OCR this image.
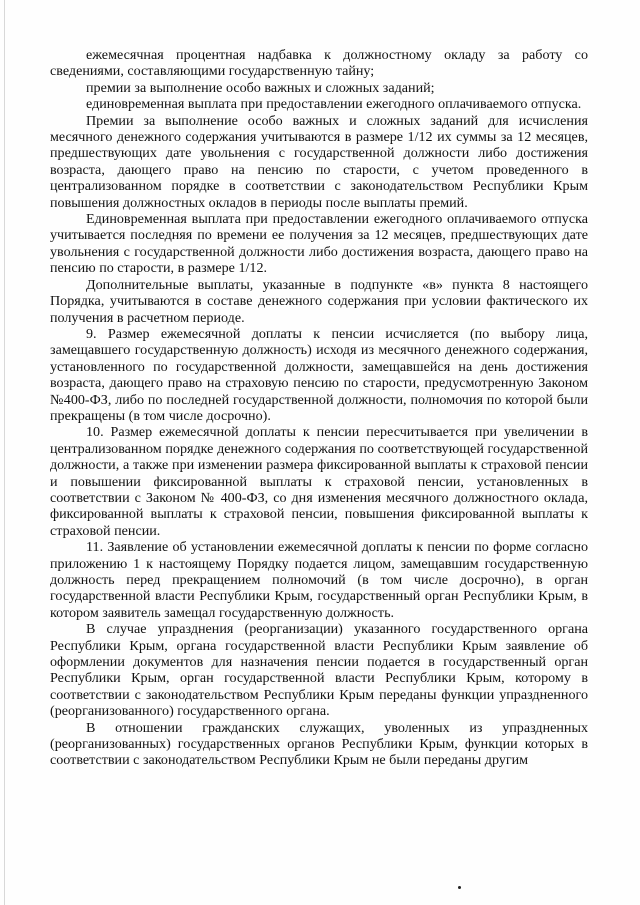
ежемесячная процентная надбавка к должностному окладу за работу со сведениями, составляющими государственную тайну;

премии за выполнение особо важных и сложных заданий;

единовременная выплата при предоставлении ежегодного оплачиваемого отпуска.

Премии за выполнение особо важных и сложных заданий для исчисления месячного денежного содержания учитываются в размере 1/12 их суммы за 12 месяцев, предшествующих дате увольнения с государственной должности либо достижения возраста, дающего право на пенсию по старости, с учетом проведенного в централизованном порядке в соответствии с законодательством Республики Крым повышения должностных окладов в периоды после выплаты премий.

Единовременная выплата при предоставлении ежегодного оплачиваемого отпуска учитывается последняя по времени ее получения за 12 месяцев, предшествующих дате увольнения с государственной должности либо достижения возраста, дающего право на пенсию по старости, в размере 1/12.

Дополнительные выплаты, указанные в подпункте «в» пункта 8 настоящего Порядка, учитываются в составе денежного содержания при условии фактического их получения в расчетном периоде.

9. Размер ежемесячной доплаты к пенсии исчисляется (по выбору лица, замещавшего государственную должность) исходя из месячного денежного содержания, установленного по государственной должности, замещавшейся на день достижения возраста, дающего право на страховую пенсию по старости, предусмотренную Законом №400-ФЗ, либо по последней государственной должности, полномочия по которой были прекращены (в том числе досрочно).

10. Размер ежемесячной доплаты к пенсии пересчитывается при увеличении в централизованном порядке денежного содержания по соответствующей государственной должности, а также при изменении размера фиксированной выплаты к страховой пенсии и повышении фиксированной выплаты к страховой пенсии, установленных в соответствии с Законом № 400-ФЗ, со дня изменения месячного должностного оклада, фиксированной выплаты к страховой пенсии, повышения фиксированной выплаты к страховой пенсии.

11. Заявление об установлении ежемесячной доплаты к пенсии по форме согласно приложению 1 к настоящему Порядку подается лицом, замещавшим государственную должность перед прекращением полномочий (в том числе досрочно), в орган государственной власти Республики Крым, государственный орган Республики Крым, в котором заявитель замещал государственную должность.

В случае упразднения (реорганизации) указанного государственного органа Республики Крым, органа государственной власти Республики Крым заявление об оформлении документов для назначения пенсии подается в государственный орган Республики Крым, орган государственной власти Республики Крым, которому в соответствии с законодательством Республики Крым переданы функции упраздненного (реорганизованного) государственного органа.

В отношении гражданских служащих, уволенных из упраздненных (реорганизованных) государственных органов Республики Крым, функции которых в соответствии с законодательством Республики Крым не были переданы другим
